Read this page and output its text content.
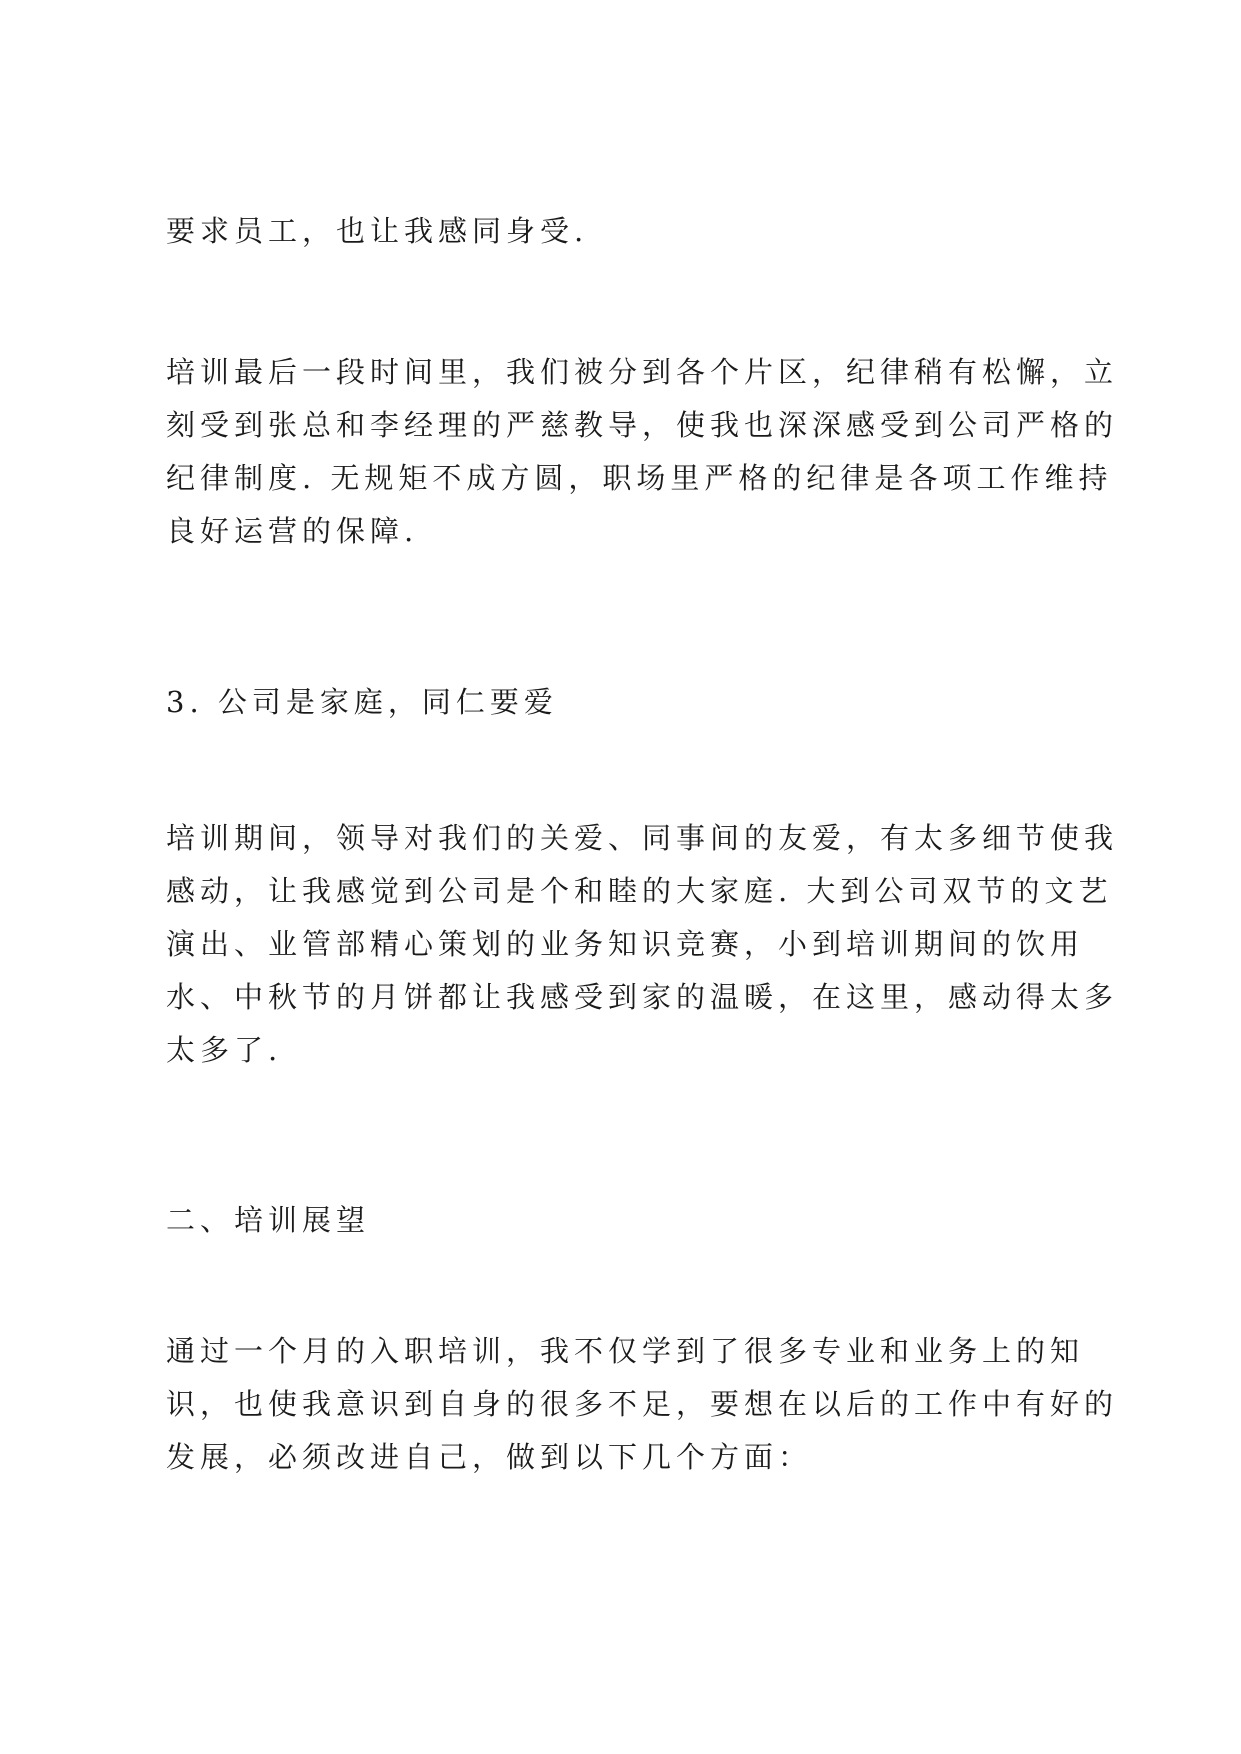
要求员工，也让我感同身受.

培训最后一段时间里，我们被分到各个片区，纪律稍有松懈，立
刻受到张总和李经理的严慈教导，使我也深深感受到公司严格的
纪律制度. 无规矩不成方圆，职场里严格的纪律是各项工作维持
良好运营的保障.

3. 公司是家庭，同仁要爱

培训期间，领导对我们的关爱、同事间的友爱，有太多细节使我
感动，让我感觉到公司是个和睦的大家庭. 大到公司双节的文艺
演出、业管部精心策划的业务知识竞赛，小到培训期间的饮用
水、中秋节的月饼都让我感受到家的温暖，在这里，感动得太多
太多了.

二、培训展望

通过一个月的入职培训，我不仅学到了很多专业和业务上的知
识，也使我意识到自身的很多不足，要想在以后的工作中有好的
发展，必须改进自己，做到以下几个方面：
